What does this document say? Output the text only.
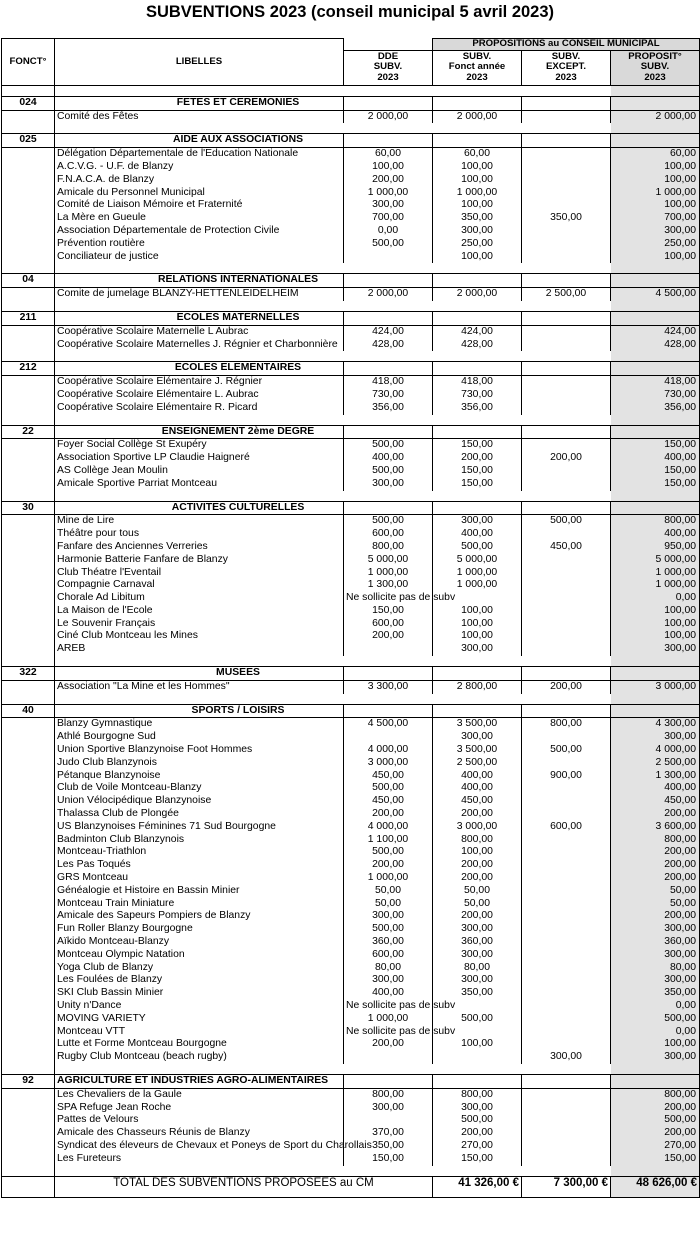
SUBVENTIONS 2023 (conseil municipal 5 avril 2023)
FONCT°	LIBELLES		PROPOSITIONS au CONSEIL MUNICIPAL		
		DDE
SUBV.
2023	SUBV.
Fonct année
2023	SUBV.
EXCEPT.
2023	PROPOSIT°
SUBV.
2023

024	FETES ET CEREMONIES				
	Comité des Fêtes	2 000,00	2 000,00		2 000,00

025	AIDE AUX ASSOCIATIONS				
	Délégation Départementale de l'Education Nationale	60,00	60,00		60,00
	A.C.V.G. - U.F. de Blanzy	100,00	100,00		100,00
	F.N.A.C.A. de Blanzy	200,00	100,00		100,00
	Amicale du Personnel Municipal	1 000,00	1 000,00		1 000,00
	Comité de Liaison Mémoire et Fraternité	300,00	100,00		100,00
	La Mère en Gueule	700,00	350,00	350,00	700,00
	Association Départementale de Protection Civile	0,00	300,00		300,00
	Prévention routière	500,00	250,00		250,00
	Conciliateur de justice		100,00		100,00

04	RELATIONS INTERNATIONALES				
	Comite de jumelage BLANZY-HETTENLEIDELHEIM	2 000,00	2 000,00	2 500,00	4 500,00

211	ECOLES MATERNELLES				
	Coopérative Scolaire Maternelle L Aubrac	424,00	424,00		424,00
	Coopérative Scolaire Maternelles J. Régnier et Charbonnière	428,00	428,00		428,00

212	ECOLES ELEMENTAIRES				
	Coopérative Scolaire Elémentaire J. Régnier	418,00	418,00		418,00
	Coopérative Scolaire Elémentaire L. Aubrac	730,00	730,00		730,00
	Coopérative Scolaire Elémentaire R. Picard	356,00	356,00		356,00

22	ENSEIGNEMENT 2ème DEGRE				
	Foyer Social Collège St Exupéry	500,00	150,00		150,00
	Association Sportive LP Claudie Haigneré	400,00	200,00	200,00	400,00
	AS Collège Jean Moulin	500,00	150,00		150,00
	Amicale Sportive Parriat Montceau	300,00	150,00		150,00

30	ACTIVITES CULTURELLES				
	Mine de Lire	500,00	300,00	500,00	800,00
	Théâtre pour tous	600,00	400,00		400,00
	Fanfare des Anciennes Verreries	800,00	500,00	450,00	950,00
	Harmonie Batterie Fanfare de Blanzy	5 000,00	5 000,00		5 000,00
	Club Théatre l'Eventail	1 000,00	1 000,00		1 000,00
	Compagnie Carnaval	1 300,00	1 000,00		1 000,00
	Chorale Ad Libitum	Ne sollicite pas de subv			0,00
	La Maison de l'Ecole	150,00	100,00		100,00
	Le Souvenir Français	600,00	100,00		100,00
	Ciné Club Montceau les Mines	200,00	100,00		100,00
	AREB		300,00		300,00

322	MUSEES				
	Association "La Mine et les Hommes"	3 300,00	2 800,00	200,00	3 000,00

40	SPORTS / LOISIRS				
	Blanzy Gymnastique	4 500,00	3 500,00	800,00	4 300,00
	Athlé Bourgogne Sud		300,00		300,00
	Union Sportive Blanzynoise Foot Hommes	4 000,00	3 500,00	500,00	4 000,00
	Judo Club Blanzynois	3 000,00	2 500,00		2 500,00
	Pétanque Blanzynoise	450,00	400,00	900,00	1 300,00
	Club de Voile Montceau-Blanzy	500,00	400,00		400,00
	Union Vélocipédique Blanzynoise	450,00	450,00		450,00
	Thalassa Club de Plongée	200,00	200,00		200,00
	US Blanzynoises Féminines 71 Sud Bourgogne	4 000,00	3 000,00	600,00	3 600,00
	Badminton Club Blanzynois	1 100,00	800,00		800,00
	Montceau-Triathlon	500,00	100,00		200,00
	Les Pas Toqués	200,00	200,00		200,00
	GRS Montceau	1 000,00	200,00		200,00
	Généalogie et Histoire en Bassin Minier	50,00	50,00		50,00
	Montceau Train Miniature	50,00	50,00		50,00
	Amicale des Sapeurs Pompiers de Blanzy	300,00	200,00		200,00
	Fun Roller Blanzy Bourgogne	500,00	300,00		300,00
	Aïkido Montceau-Blanzy	360,00	360,00		360,00
	Montceau Olympic Natation	600,00	300,00		300,00
	Yoga Club de Blanzy	80,00	80,00		80,00
	Les Foulées de Blanzy	300,00	300,00		300,00
	SKI Club Bassin Minier	400,00	350,00		350,00
	Unity n'Dance	Ne sollicite pas de subv			0,00
	MOVING VARIETY	1 000,00	500,00		500,00
	Montceau VTT	Ne sollicite pas de subv			0,00
	Lutte et Forme Montceau Bourgogne	200,00	100,00		100,00
	Rugby Club Montceau (beach rugby)			300,00	300,00

92	AGRICULTURE ET INDUSTRIES AGRO-ALIMENTAIRES				
	Les Chevaliers de la Gaule	800,00	800,00		800,00
	SPA Refuge Jean Roche	300,00	300,00		200,00
	Pattes de Velours		500,00		500,00
	Amicale des Chasseurs Réunis de Blanzy	370,00	200,00		200,00
	Syndicat des éleveurs de Chevaux et Poneys de Sport du Charollais	350,00	270,00		270,00
	Les Fureteurs	150,00	150,00		150,00

	TOTAL DES SUBVENTIONS PROPOSEES au CM		41 326,00 €	7 300,00 €	48 626,00 €
